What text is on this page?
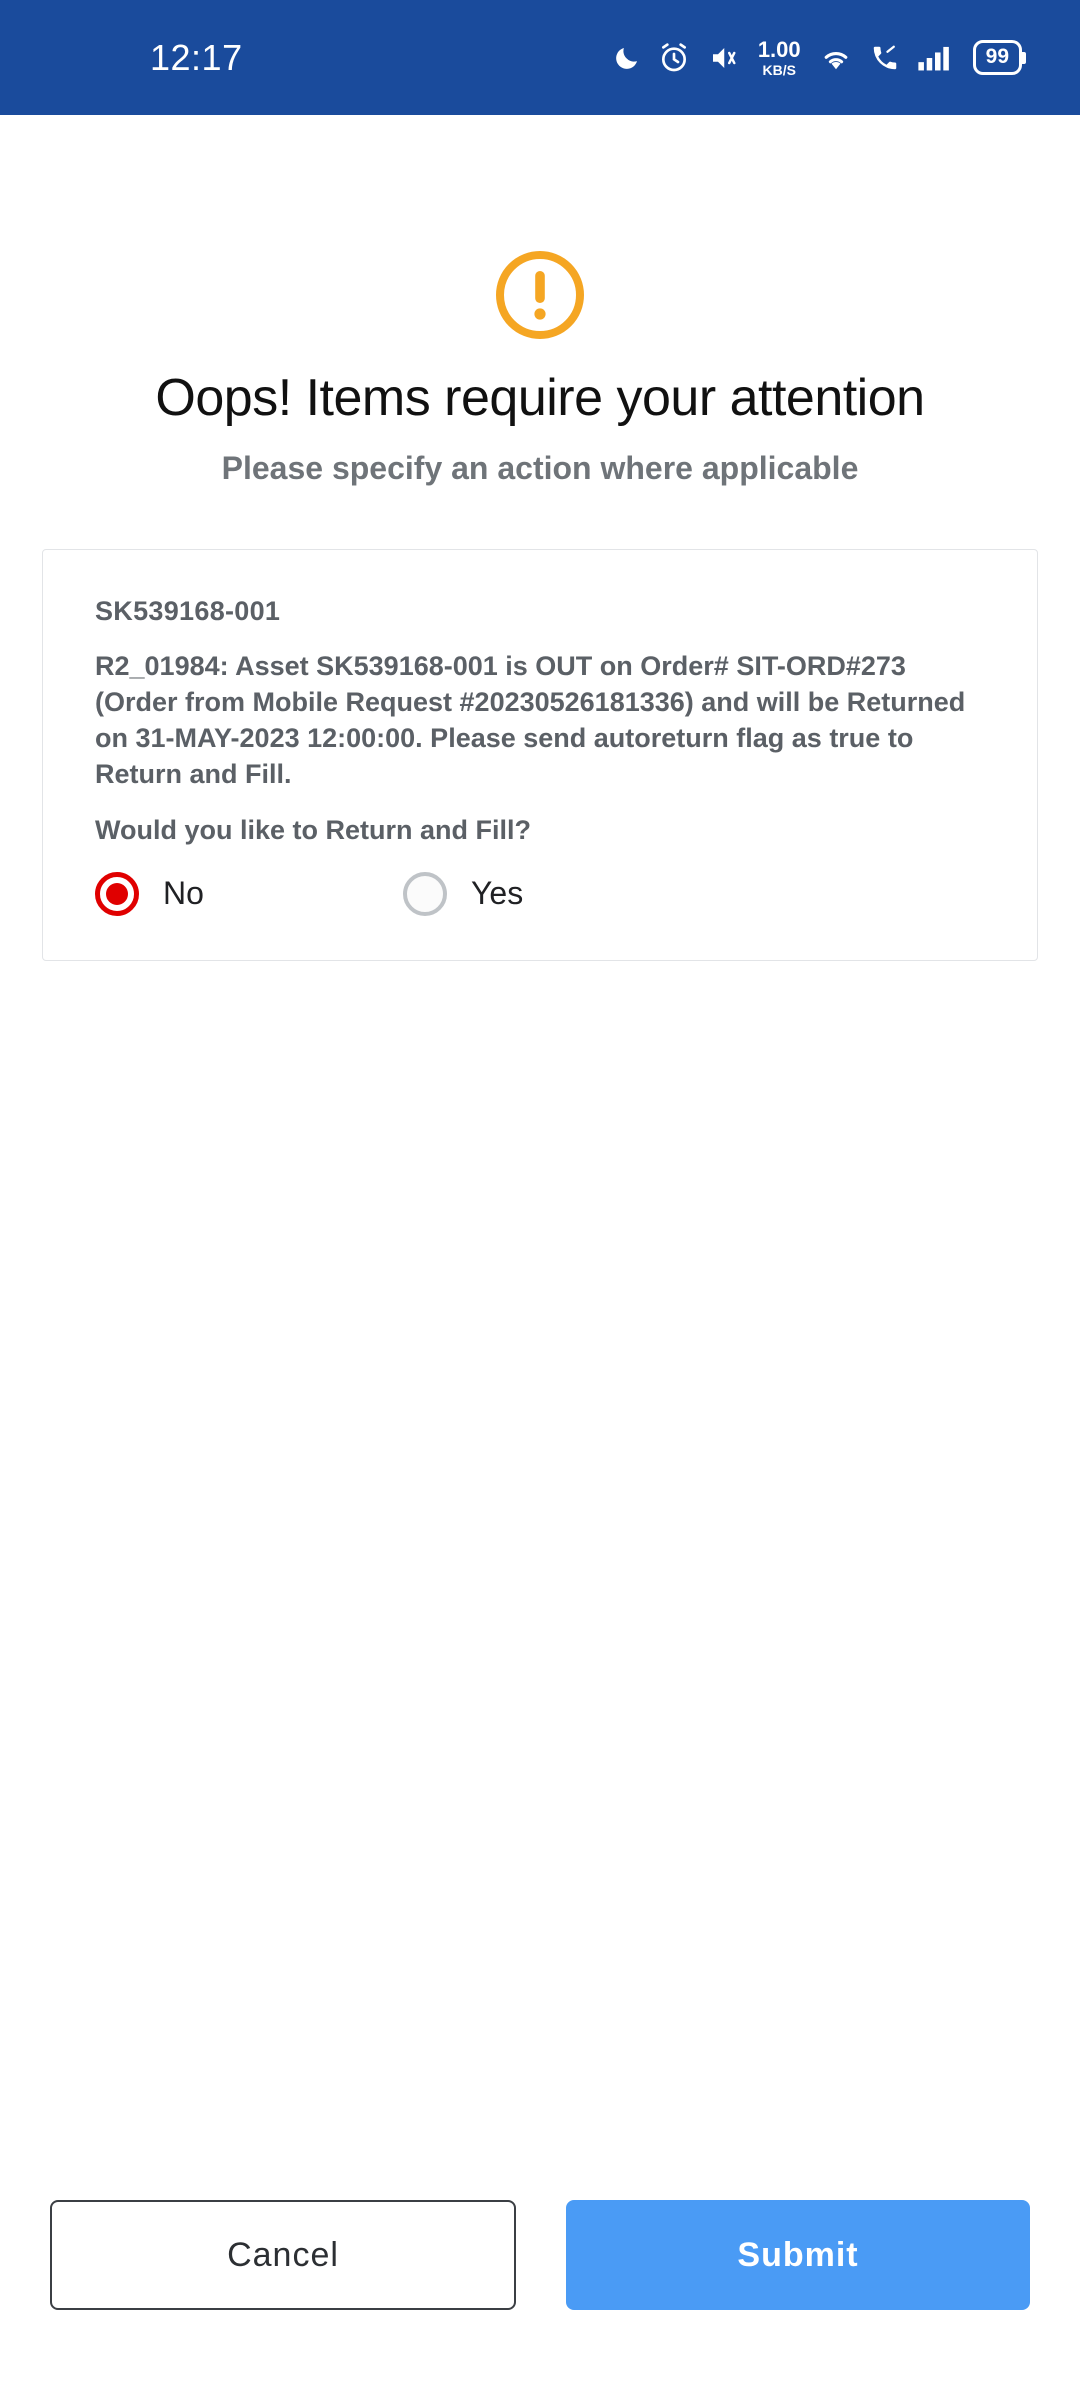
12:17	1.00
KB/S
99
Oops! Items require your attention
Please specify an action where applicable
SK539168-001
R2_01984: Asset SK539168-001 is OUT on Order# SIT-ORD#273 (Order from Mobile Request #20230526181336) and will be Returned on 31-MAY-2023 12:00:00. Please send autoreturn flag as true to Return and Fill.
Would you like to Return and Fill?
No	Yes
Cancel	Submit
